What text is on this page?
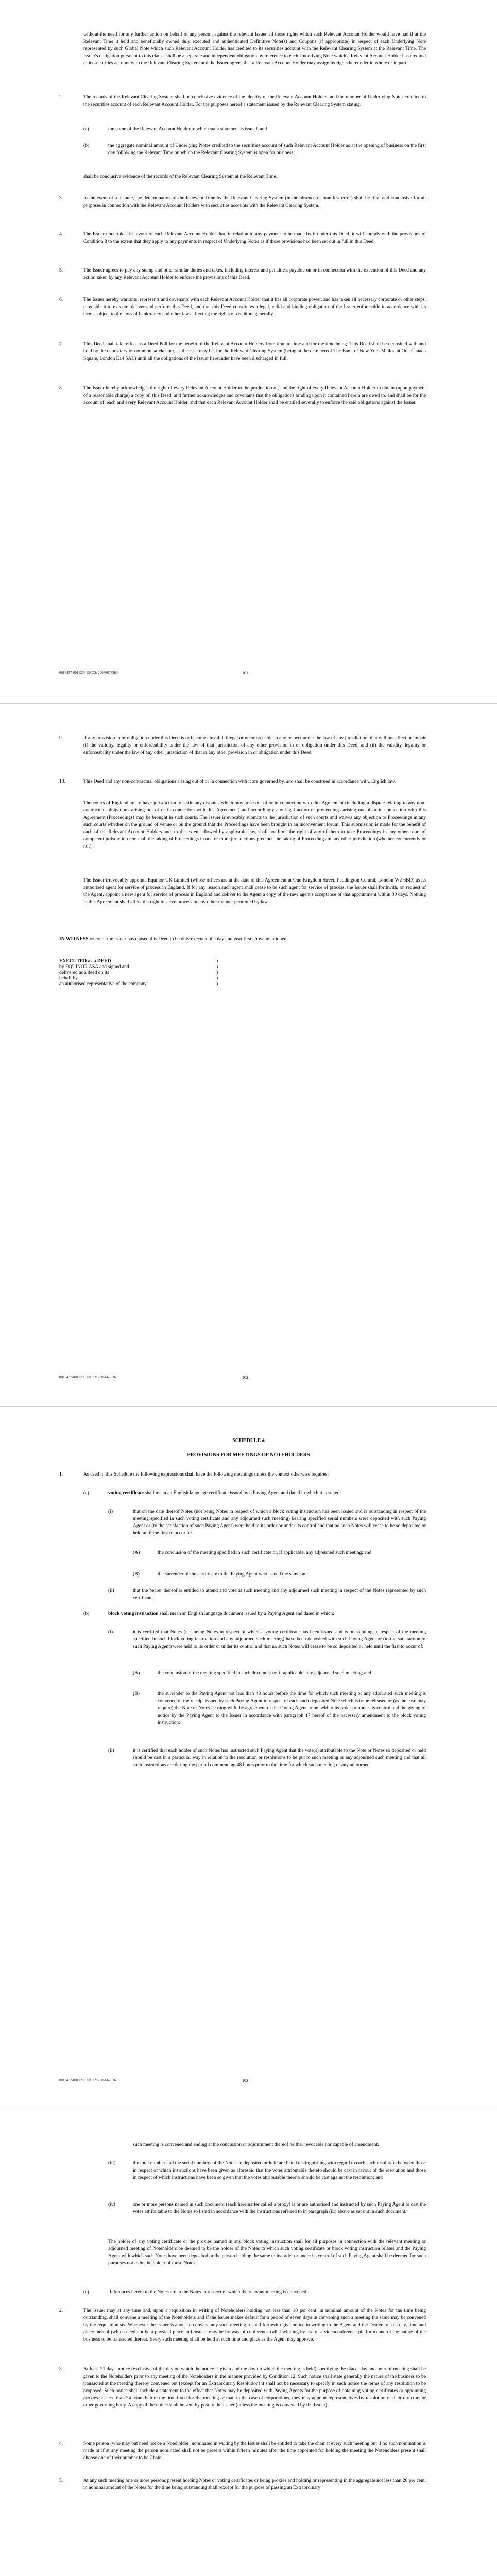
without the need for any further action on behalf of any person, against the relevant Issuer all those rights which such Relevant Account Holder would have had if at the Relevant Time it held and beneficially owned duly executed and authenticated Definitive Note(s) and Coupons (if appropriate) in respect of each Underlying Note represented by such Global Note which such Relevant Account Holder has credited to its securities account with the Relevant Clearing System at the Relevant Time. The Issuer's obligation pursuant to this clause shall be a separate and independent obligation by reference to each Underlying Note which a Relevant Account Holder has credited to its securities account with the Relevant Clearing System and the Issuer agrees that a Relevant Account Holder may assign its rights hereunder in whole or in part.
2.	The records of the Relevant Clearing System shall be conclusive evidence of the identity of the Relevant Account Holders and the number of Underlying Notes credited to the securities account of each Relevant Account Holder. For the purposes hereof a statement issued by the Relevant Clearing System stating:
(a)	the name of the Relevant Account Holder to which such statement is issued; and
(b)	the aggregate nominal amount of Underlying Notes credited to the securities account of such Relevant Account Holder as at the opening of business on the first day following the Relevant Time on which the Relevant Clearing System is open for business,
shall be conclusive evidence of the records of the Relevant Clearing System at the Relevant Time.
3.	In the event of a dispute, the determination of the Relevant Time by the Relevant Clearing System (in the absence of manifest error) shall be final and conclusive for all purposes in connection with the Relevant Account Holders with securities accounts with the Relevant Clearing System.
4.	The Issuer undertakes in favour of each Relevant Account Holder that, in relation to any payment to be made by it under this Deed, it will comply with the provisions of Condition 8 to the extent that they apply to any payments in respect of Underlying Notes as if those provisions had been set out in full in this Deed.
5.	The Issuer agrees to pay any stamp and other similar duties and taxes, including interest and penalties, payable on or in connection with the execution of this Deed and any action taken by any Relevant Account Holder to enforce the provisions of this Deed.
6.	The Issuer hereby warrants, represents and covenants with each Relevant Account Holder that it has all corporate power, and has taken all necessary corporate or other steps, to enable it to execute, deliver and perform this Deed, and that this Deed constitutes a legal, valid and binding obligation of the Issuer enforceable in accordance with its terms subject to the laws of bankruptcy and other laws affecting the rights of creditors generally.
7.	This Deed shall take effect as a Deed Poll for the benefit of the Relevant Account Holders from time to time and for the time being. This Deed shall be deposited with and held by the depositary or common safekeeper, as the case may be, for the Relevant Clearing System (being at the date hereof The Bank of New York Mellon at One Canada Square, London E14 5AL) until all the obligations of the Issuer hereunder have been discharged in full.
8.	The Issuer hereby acknowledges the right of every Relevant Account Holder to the production of, and the right of every Relevant Account Holder to obtain (upon payment of a reasonable charge) a copy of, this Deed, and further acknowledges and covenants that the obligations binding upon it contained herein are owed to, and shall be for the account of, each and every Relevant Account Holder, and that each Relevant Account Holder shall be entitled severally to enforce the said obligations against the Issuer.
0015437-0011206 UKO2: 2007667836.9	101
9.	If any provision in or obligation under this Deed is or becomes invalid, illegal or unenforceable in any respect under the law of any jurisdiction, that will not affect or impair (i) the validity, legality or enforceability under the law of that jurisdiction of any other provision in or obligation under this Deed, and (ii) the validity, legality or enforceability under the law of any other jurisdiction of that or any other provision in or obligation under this Deed.
10.	This Deed and any non-contractual obligations arising out of or in connection with it are governed by, and shall be construed in accordance with, English law.
The courts of England are to have jurisdiction to settle any disputes which may arise out of or in connection with this Agreement (including a dispute relating to any non-contractual obligations arising out of or in connection with this Agreement) and accordingly any legal action or proceedings arising out of or in connection with this Agreement (Proceedings) may be brought in such courts. The Issuer irrevocably submits to the jurisdiction of such courts and waives any objection to Proceedings in any such courts whether on the ground of venue or on the ground that the Proceedings have been brought in an inconvenient forum. This submission is made for the benefit of each of the Relevant Account Holders and, to the extent allowed by applicable law, shall not limit the right of any of them to take Proceedings in any other court of competent jurisdiction nor shall the taking of Proceedings in one or more jurisdictions preclude the taking of Proceedings in any other jurisdiction (whether concurrently or not).
The Issuer irrevocably appoints Equinor UK Limited (whose offices are at the date of this Agreement at One Kingdom Street, Paddington Central, London W2 6BD) as its authorised agent for service of process in England. If for any reason such agent shall cease to be such agent for service of process, the Issuer shall forthwith, on request of the Agent, appoint a new agent for service of process in England and deliver to the Agent a copy of the new agent's acceptance of that appointment within 30 days. Nothing in this Agreement shall affect the right to serve process in any other manner permitted by law.
IN WITNESS whereof the Issuer has caused this Deed to be duly executed the day and year first above mentioned.
EXECUTED as a DEED
by EQUINOR ASA and signed and
delivered as a deed on its
behalf by
an authorised representative of the company
)
)
)
)
)
0015437-0011206 UKO2: 2007667836.9	102
SCHEDULE 4
PROVISIONS FOR MEETINGS OF NOTEHOLDERS
1.	As used in this Schedule the following expressions shall have the following meanings unless the context otherwise requires:
(a)	voting certificate shall mean an English language certificate issued by a Paying Agent and dated in which it is stated:
(i)	that on the date thereof Notes (not being Notes in respect of which a block voting instruction has been issued and is outstanding in respect of the meeting specified in such voting certificate and any adjourned such meeting) bearing specified serial numbers were deposited with such Paying Agent or (to the satisfaction of such Paying Agent) were held to its order or under its control and that no such Notes will cease to be so deposited or held until the first to occur of:
(A)	the conclusion of the meeting specified in such certificate or, if applicable, any adjourned such meeting; and
(B)	the surrender of the certificate to the Paying Agent who issued the same; and
(ii)	that the bearer thereof is entitled to attend and vote at such meeting and any adjourned such meeting in respect of the Notes represented by such certificate;
(b)	block voting instruction shall mean an English language document issued by a Paying Agent and dated in which:
(i)	it is certified that Notes (not being Notes in respect of which a voting certificate has been issued and is outstanding in respect of the meeting specified in such block voting instruction and any adjourned such meeting) have been deposited with such Paying Agent or (to the satisfaction of such Paying Agent) were held to its order or under its control and that no such Notes will cease to be so deposited or held until the first to occur of:
(A)	the conclusion of the meeting specified in such document or, if applicable, any adjourned such meeting; and
(B)	the surrender to the Paying Agent not less than 48 hours before the time for which such meeting or any adjourned such meeting is convened of the receipt issued by such Paying Agent in respect of each such deposited Note which is to be released or (as the case may require) the Note or Notes ceasing with the agreement of the Paying Agent to be held to its order or under its control and the giving of notice by the Paying Agent to the Issuer in accordance with paragraph 17 hereof of the necessary amendment to the block voting instruction;
(ii)	it is certified that each holder of such Notes has instructed such Paying Agent that the vote(s) attributable to the Note or Notes so deposited or held should be cast in a particular way in relation to the resolution or resolutions to be put to such meeting or any adjourned such meeting and that all such instructions are during the period commencing 48 hours prior to the time for which such meeting or any adjourned
0015437-0011206 UKO2: 2007667836.9	103
such meeting is convened and ending at the conclusion or adjournment thereof neither revocable nor capable of amendment;
(iii)	the total number and the serial numbers of the Notes so deposited or held are listed distinguishing with regard to each such resolution between those in respect of which instructions have been given as aforesaid that the votes attributable thereto should be cast in favour of the resolution and those in respect of which instructions have been so given that the votes attributable thereto should be cast against the resolution; and
(iv)	one or more persons named in such document (each hereinafter called a proxy) is or are authorised and instructed by such Paying Agent to cast the votes attributable to the Notes so listed in accordance with the instructions referred to in paragraph (iii) above as set out in such document.
The holder of any voting certificate or the proxies named in any block voting instruction shall for all purposes in connection with the relevant meeting or adjourned meeting of Noteholders be deemed to be the holder of the Notes to which such voting certificate or block voting instruction relates and the Paying Agent with which such Notes have been deposited or the person holding the same to its order or under its control of such Paying Agent shall be deemed for such purposes not to be the holder of those Notes.
(c)	References herein to the Notes are to the Notes in respect of which the relevant meeting is convened.
2.	The Issuer may at any time and, upon a requisition in writing of Noteholders holding not less than 10 per cent. in nominal amount of the Notes for the time being outstanding, shall convene a meeting of the Noteholders and if the Issuer makes default for a period of seven days in convening such a meeting the same may be convened by the requisitionists. Whenever the Issuer is about to convene any such meeting it shall forthwith give notice in writing to the Agent and the Dealers of the day, time and place thereof (which need not be a physical place and instead may be by way of conference call, including by use of a videoconference platform) and of the nature of the business to be transacted thereat. Every such meeting shall be held at such time and place as the Agent may approve.
3.	At least 21 days' notice (exclusive of the day on which the notice is given and the day on which the meeting is held) specifying the place, day and hour of meeting shall be given to the Noteholders prior to any meeting of the Noteholders in the manner provided by Condition 12. Such notice shall state generally the nature of the business to be transacted at the meeting thereby convened but (except for an Extraordinary Resolution) it shall not be necessary to specify in such notice the terms of any resolution to be proposed. Such notice shall include a statement to the effect that Notes may be deposited with Paying Agents for the purpose of obtaining voting certificates or appointing proxies not less than 24 hours before the time fixed for the meeting or that, in the case of corporations, they may appoint representatives by resolution of their directors or other governing body. A copy of the notice shall be sent by post to the Issuer (unless the meeting is convened by the Issuer).
4.	Some person (who may but need not be a Noteholder) nominated in writing by the Issuer shall be entitled to take the chair at every such meeting but if no such nomination is made or if at any meeting the person nominated shall not be present within fifteen minutes after the time appointed for holding the meeting the Noteholders present shall choose one of their number to be Chair.
5.	At any such meeting one or more persons present holding Notes or voting certificates or being proxies and holding or representing in the aggregate not less than 20 per cent. in nominal amount of the Notes for the time being outstanding shall (except for the purpose of passing an Extraordinary
